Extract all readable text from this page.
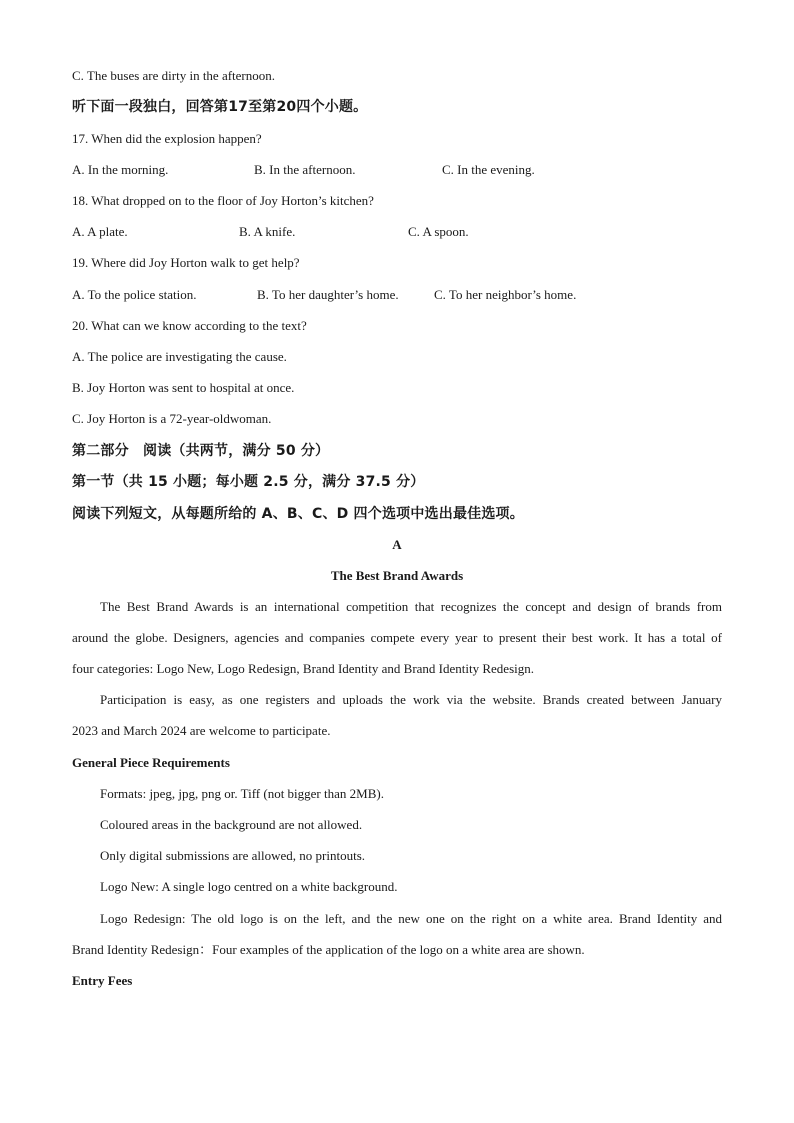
C. The buses are dirty in the afternoon.
听下面一段独白，回答第17至第20四个小题。
17. When did the explosion happen?
A. In the morning.	B. In the afternoon.	C. In the evening.
18. What dropped on to the floor of Joy Horton’s kitchen?
A. A plate.	B. A knife.	C. A spoon.
19. Where did Joy Horton walk to get help?
A. To the police station.	B. To her daughter’s home.	C. To her neighbor’s home.
20. What can we know according to the text?
A. The police are investigating the cause.
B. Joy Horton was sent to hospital at once.
C. Joy Horton is a 72-year-oldwoman.
第二部分　阅读（共两节，满分 50 分）
第一节（共 15 小题；每小题 2.5 分，满分 37.5 分）
阅读下列短文，从每题所给的 A、B、C、D 四个选项中选出最佳选项。
A
The Best Brand Awards
The Best Brand Awards is an international competition that recognizes the concept and design of brands from
around the globe. Designers, agencies and companies compete every year to present their best work. It has a total of
four categories: Logo New, Logo Redesign, Brand Identity and Brand Identity Redesign.
Participation is easy, as one registers and uploads the work via the website. Brands created between January
2023 and March 2024 are welcome to participate.
General Piece Requirements
Formats: jpeg, jpg, png or. Tiff (not bigger than 2MB).
Coloured areas in the background are not allowed.
Only digital submissions are allowed, no printouts.
Logo New: A single logo centred on a white background.
Logo Redesign: The old logo is on the left, and the new one on the right on a white area. Brand Identity and
Brand Identity Redesign：Four examples of the application of the logo on a white area are shown.
Entry Fees
